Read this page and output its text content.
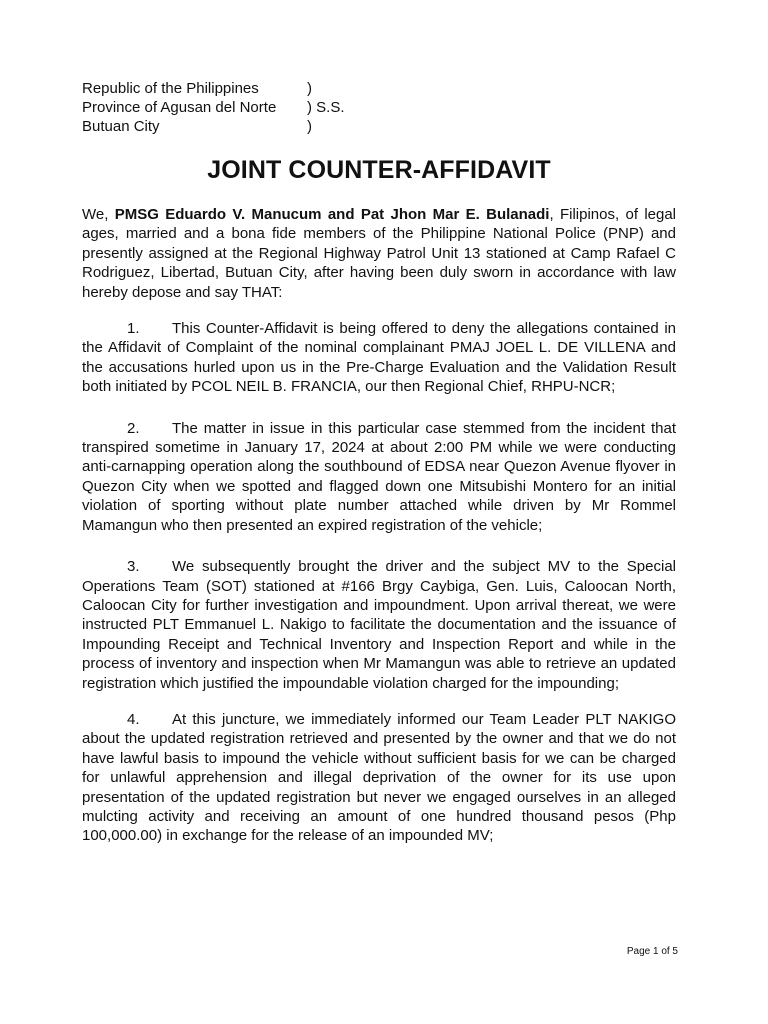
Republic of the Philippines	)
Province of Agusan del Norte ) S.S.
Butuan City	)
JOINT COUNTER-AFFIDAVIT

We, PMSG Eduardo V. Manucum and Pat Jhon Mar E. Bulanadi, Filipinos, of legal ages, married and a bona fide members of the Philippine National Police (PNP) and presently assigned at the Regional Highway Patrol Unit 13 stationed at Camp Rafael C Rodriguez, Libertad, Butuan City, after having been duly sworn in accordance with law hereby depose and say THAT:

1. This Counter-Affidavit is being offered to deny the allegations contained in the Affidavit of Complaint of the nominal complainant PMAJ JOEL L. DE VILLENA and the accusations hurled upon us in the Pre-Charge Evaluation and the Validation Result both initiated by PCOL NEIL B. FRANCIA, our then Regional Chief, RHPU-NCR;

2. The matter in issue in this particular case stemmed from the incident that transpired sometime in January 17, 2024 at about 2:00 PM while we were conducting anti-carnapping operation along the southbound of EDSA near Quezon Avenue flyover in Quezon City when we spotted and flagged down one Mitsubishi Montero for an initial violation of sporting without plate number attached while driven by Mr Rommel Mamangun who then presented an expired registration of the vehicle;

3. We subsequently brought the driver and the subject MV to the Special Operations Team (SOT) stationed at #166 Brgy Caybiga, Gen. Luis, Caloocan North, Caloocan City for further investigation and impoundment. Upon arrival thereat, we were instructed PLT Emmanuel L. Nakigo to facilitate the documentation and the issuance of Impounding Receipt and Technical Inventory and Inspection Report and while in the process of inventory and inspection when Mr Mamangun was able to retrieve an updated registration which justified the impoundable violation charged for the impounding;

4. At this juncture, we immediately informed our Team Leader PLT NAKIGO about the updated registration retrieved and presented by the owner and that we do not have lawful basis to impound the vehicle without sufficient basis for we can be charged for unlawful apprehension and illegal deprivation of the owner for its use upon presentation of the updated registration but never we engaged ourselves in an alleged mulcting activity and receiving an amount of one hundred thousand pesos (Php 100,000.00) in exchange for the release of an impounded MV;

Page 1 of 5
